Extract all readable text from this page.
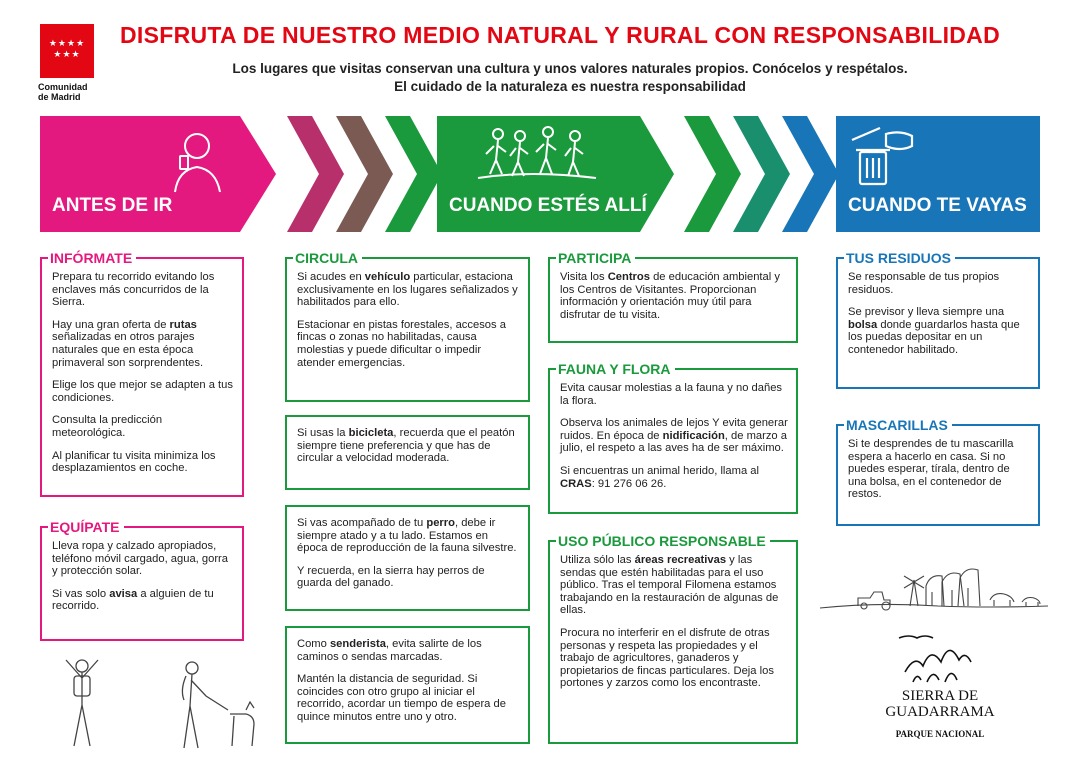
★★★★
★★★
Comunidad
de Madrid
DISFRUTA DE NUESTRO MEDIO NATURAL Y RURAL CON RESPONSABILIDAD
Los lugares que visitas conservan una cultura y unos valores naturales propios. Conócelos y respétalos.
El cuidado de la naturaleza es nuestra responsabilidad
ANTES DE IR	CUANDO ESTÉS ALLÍ	CUANDO TE VAYAS
INFÓRMATE

Prepara tu recorrido evitando los enclaves más concurridos de la Sierra.

Hay una gran oferta de rutas señalizadas en otros parajes naturales que en esta época primaveral son sorprendentes.

Elige los que mejor se adapten a tus condiciones.

Consulta la predicción meteorológica.

Al planificar tu visita minimiza los desplazamientos en coche.

EQUÍPATE

Lleva ropa y calzado apropiados, teléfono móvil cargado, agua, gorra y protección solar.

Si vas solo avisa a alguien de tu recorrido.

CIRCULA

Si acudes en vehículo particular, estaciona exclusivamente en los lugares señalizados y habilitados para ello.

Estacionar en pistas forestales, accesos a fincas o zonas no habilitadas, causa molestias y puede dificultar o impedir atender emergencias.

Si usas la bicicleta, recuerda que el peatón siempre tiene preferencia y que has de circular a velocidad moderada.

Si vas acompañado de tu perro, debe ir siempre atado y a tu lado. Estamos en época de reproducción de la fauna silvestre.

Y recuerda, en la sierra hay perros de guarda del ganado.

Como senderista, evita salirte de los caminos o sendas marcadas.

Mantén la distancia de seguridad. Si coincides con otro grupo al iniciar el recorrido, acordar un tiempo de espera de quince minutos entre uno y otro.

PARTICIPA

Visita los Centros de educación ambiental y los Centros de Visitantes. Proporcionan información y orientación muy útil para disfrutar de tu visita.

FAUNA Y FLORA

Evita causar molestias a la fauna y no dañes la flora.

Observa los animales de lejos Y evita generar ruidos. En época de nidificación, de marzo a julio, el respeto a las aves ha de ser máximo.

Si encuentras un animal herido, llama al CRAS: 91 276 06 26.

USO PÚBLICO RESPONSABLE

Utiliza sólo las áreas recreativas y las sendas que estén habilitadas para el uso público. Tras el temporal Filomena estamos trabajando en la restauración de algunas de ellas.

Procura no interferir en el disfrute de otras personas y respeta las propiedades y el trabajo de agricultores, ganaderos y propietarios de fincas particulares. Deja los portones y zarzos como los encontraste.

TUS RESIDUOS

Se responsable de tus propios residuos.

Se previsor y lleva siempre una bolsa donde guardarlos hasta que los puedas depositar en un contenedor habilitado.

MASCARILLAS

Si te desprendes de tu mascarilla espera a hacerlo en casa. Si no puedes esperar, tírala, dentro de una bolsa, en el contenedor de restos.

SIERRA DE
GUADARRAMA
PARQUE NACIONAL
